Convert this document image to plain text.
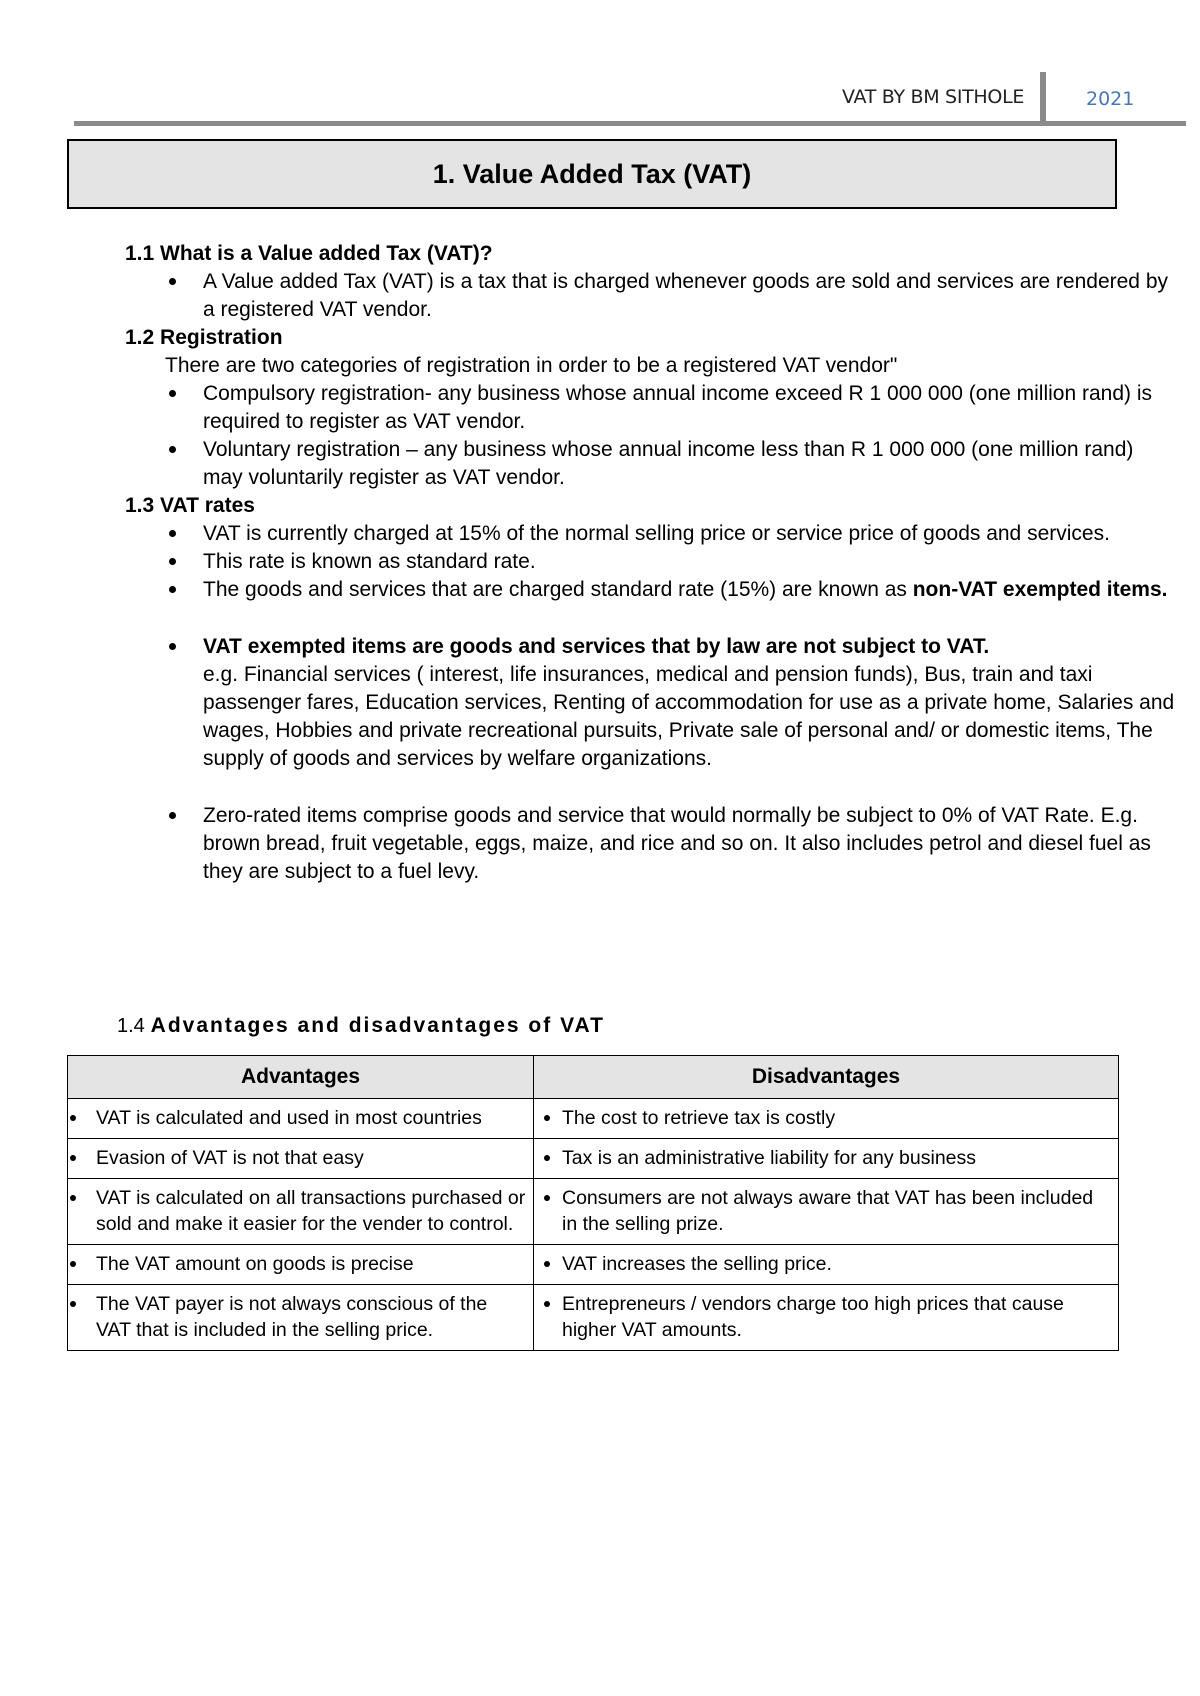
VAT BY BM SITHOLE	2021
1. Value Added Tax (VAT)

1.1 What is a Value added Tax (VAT)?

A Value added Tax (VAT) is a tax that is charged whenever goods are sold and services are rendered by a registered VAT vendor.

1.2 Registration

There are two categories of registration in order to be a registered VAT vendor"

Compulsory registration- any business whose annual income exceed R 1 000 000 (one million rand) is required to register as VAT vendor.
Voluntary registration – any business whose annual income less than R 1 000 000 (one million rand) may voluntarily register as VAT vendor.

1.3 VAT rates

VAT is currently charged at 15% of the normal selling price or service price of goods and services.
This rate is known as standard rate.
The goods and services that are charged standard rate (15%) are known as non-VAT exempted items.
VAT exempted items are goods and services that by law are not subject to VAT.
e.g. Financial services ( interest, life insurances, medical and pension funds), Bus, train and taxi passenger fares, Education services, Renting of accommodation for use as a private home, Salaries and wages, Hobbies and private recreational pursuits, Private sale of personal and/ or domestic items, The supply of goods and services by welfare organizations.
Zero-rated items comprise goods and service that would normally be subject to 0% of VAT Rate. E.g. brown bread, fruit vegetable, eggs, maize, and rice and so on. It also includes petrol and diesel fuel as they are subject to a fuel levy.
1.4 Advantages and disadvantages of VAT
Advantages	Disadvantages
VAT is calculated and used in most countries	The cost to retrieve tax is costly
Evasion of VAT is not that easy	Tax is an administrative liability for any business
VAT is calculated on all transactions purchased or sold and make it easier for the vender to control.	Consumers are not always aware that VAT has been included in the selling prize.
The VAT amount on goods is precise	VAT increases the selling price.
The VAT payer is not always conscious of the VAT that is included in the selling price.	Entrepreneurs / vendors charge too high prices that cause higher VAT amounts.
